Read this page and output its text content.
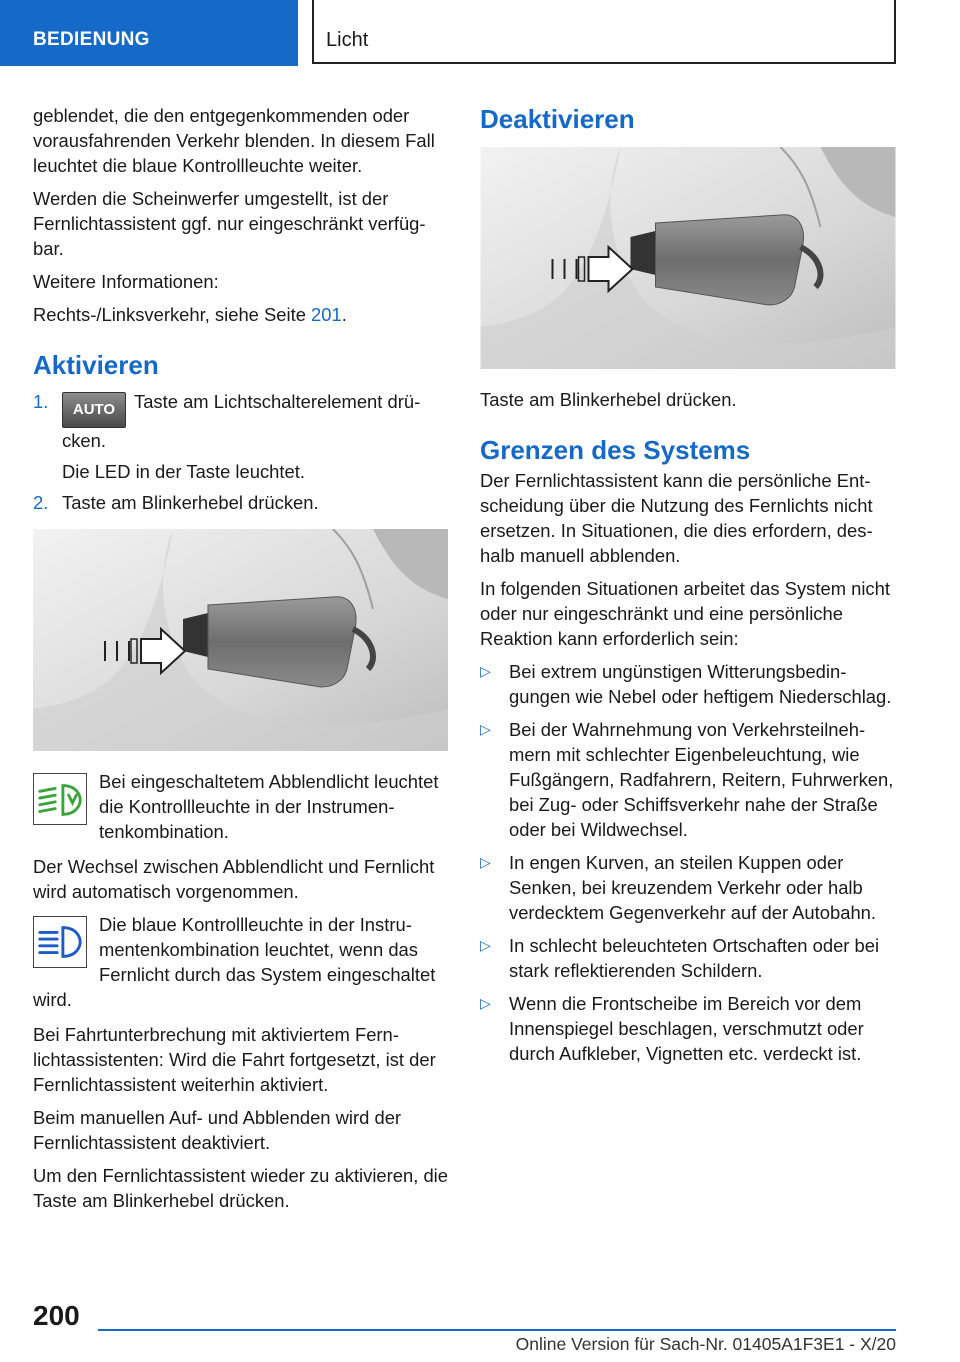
BEDIENUNG	Licht

geblendet, die den entgegenkommenden oder vorausfahrenden Verkehr blenden. In diesem Fall leuchtet die blaue Kontrollleuchte weiter.

Werden die Scheinwerfer umgestellt, ist der Fernlichtassistent ggf. nur eingeschränkt verfügbar.

Weitere Informationen:

Rechts-/Linksverkehr, siehe Seite 201.

Aktivieren
1. AUTO Taste am Lichtschalterelement drücken.
Die LED in der Taste leuchtet.
2. Taste am Blinkerhebel drücken.
Bei eingeschaltetem Abblendlicht leuchtet die Kontrollleuchte in der Instrumentenkombination.

Der Wechsel zwischen Abblendlicht und Fernlicht wird automatisch vorgenommen.

Die blaue Kontrollleuchte in der Instrumentenkombination leuchtet, wenn das Fernlicht durch das System eingeschaltet wird.

Bei Fahrtunterbrechung mit aktiviertem Fernlichtassistenten: Wird die Fahrt fortgesetzt, ist der Fernlichtassistent weiterhin aktiviert.

Beim manuellen Auf- und Abblenden wird der Fernlichtassistent deaktiviert.

Um den Fernlichtassistent wieder zu aktivieren, die Taste am Blinkerhebel drücken.

Deaktivieren

Taste am Blinkerhebel drücken.

Grenzen des Systems

Der Fernlichtassistent kann die persönliche Entscheidung über die Nutzung des Fernlichts nicht ersetzen. In Situationen, die dies erfordern, deshalb manuell abblenden.

In folgenden Situationen arbeitet das System nicht oder nur eingeschränkt und eine persönliche Reaktion kann erforderlich sein:

▷ Bei extrem ungünstigen Witterungsbedingungen wie Nebel oder heftigem Niederschlag.
▷ Bei der Wahrnehmung von Verkehrsteilnehmern mit schlechter Eigenbeleuchtung, wie Fußgängern, Radfahrern, Reitern, Fuhrwerken, bei Zug- oder Schiffsverkehr nahe der Straße oder bei Wildwechsel.
▷ In engen Kurven, an steilen Kuppen oder Senken, bei kreuzendem Verkehr oder halb verdecktem Gegenverkehr auf der Autobahn.
▷ In schlecht beleuchteten Ortschaften oder bei stark reflektierenden Schildern.
▷ Wenn die Frontscheibe im Bereich vor dem Innenspiegel beschlagen, verschmutzt oder durch Aufkleber, Vignetten etc. verdeckt ist.
200
Online Version für Sach-Nr. 01405A1F3E1 - X/20
